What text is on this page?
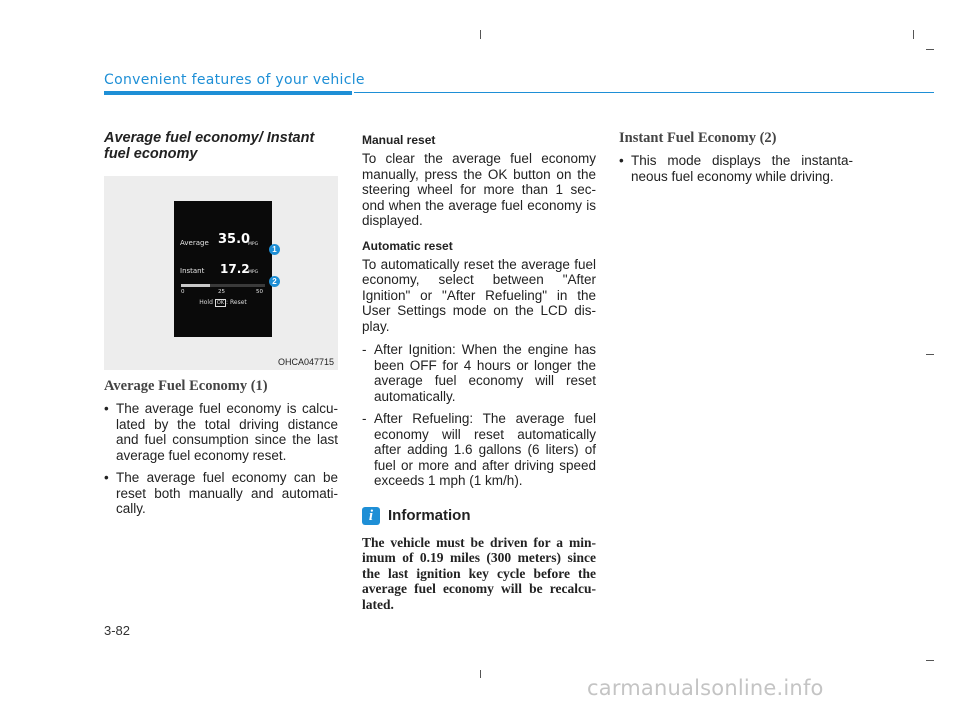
Convenient features of your vehicle
Average fuel economy/ Instant fuel economy
Average 35.0
MPG
Instant 17.2
MPG
0	25	50
Hold OK : Reset
1
2
OHCA047715
Average Fuel Economy (1)
• The average fuel economy is calcu-lated by the total driving distance and fuel consumption since the last average fuel economy reset.
• The average fuel economy can be reset both manually and automati-cally.
Manual reset

To clear the average fuel economy manually, press the OK button on the steering wheel for more than 1 sec-ond when the average fuel economy is displayed.

Automatic reset

To automatically reset the average fuel economy, select between "After Ignition" or "After Refueling" in the User Settings mode on the LCD dis-play.

- After Ignition: When the engine has been OFF for 4 hours or longer the average fuel economy will reset automatically.
- After Refueling: The average fuel economy will reset automatically after adding 1.6 gallons (6 liters) of fuel or more and after driving speed exceeds 1 mph (1 km/h).
i Information

The vehicle must be driven for a min-imum of 0.19 miles (300 meters) since the last ignition key cycle before the average fuel economy will be recalcu-lated.

Instant Fuel Economy (2)
• This mode displays the instanta-neous fuel economy while driving.
3-82
carmanualsonline.info
